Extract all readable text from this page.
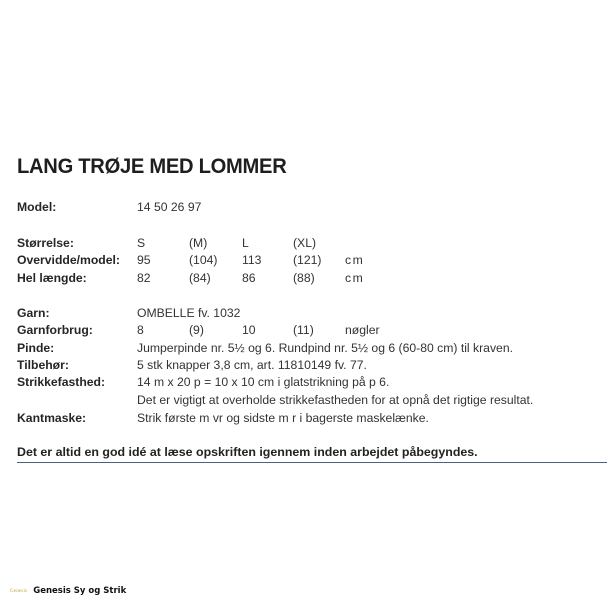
LANG TRØJE MED LOMMER
Model:	14 50 26 97
Størrelse:	S	(M)	L	(XL)
Overvidde/model: 95	(104) 113	(121) cm
Hel længde:	82	(84)	86	(88) cm
Garn:	OMBELLE fv. 1032
Garnforbrug:	8	(9)	10	(11)	nøgler
Pinde:	Jumperpinde nr. 5½ og 6. Rundpind nr. 5½ og 6 (60-80 cm) til kraven.
Tilbehør:	5 stk knapper 3,8 cm, art. 11810149 fv. 77.
Strikkefasthed:	14 m x 20 p = 10 x 10 cm i glatstrikning på p 6.
Det er vigtigt at overholde strikkefastheden for at opnå det rigtige resultat.
Kantmaske:	Strik første m vr og sidste m r i bagerste maskelænke.
Det er altid en god idé at læse opskriften igennem inden arbejdet påbegyndes.
Genesis Genesis Sy og Strik
